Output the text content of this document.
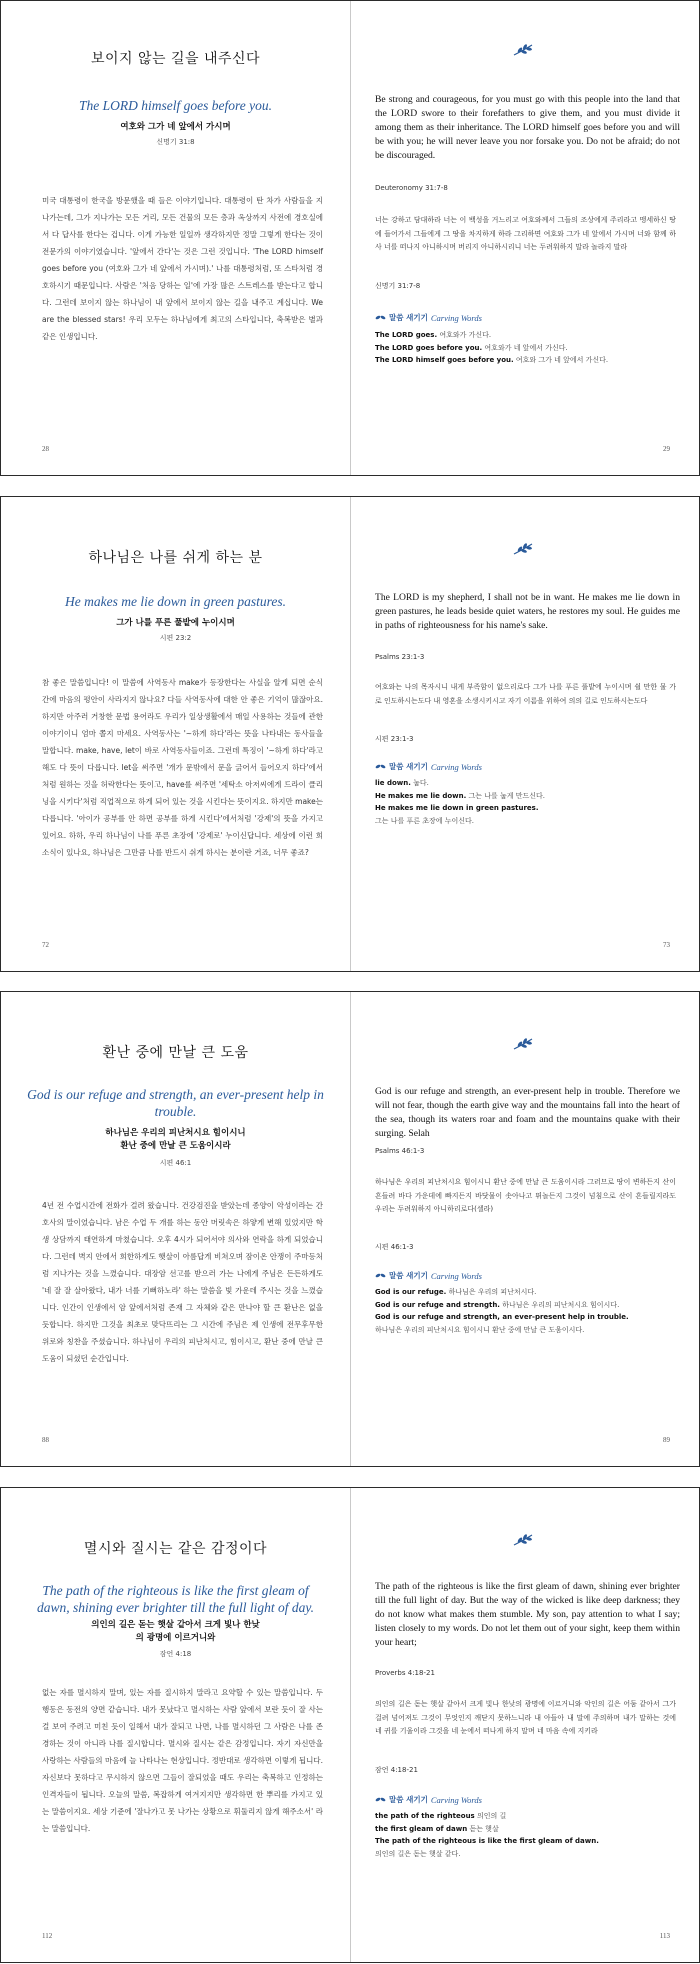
보이지 않는 길을 내주신다
The LORD himself goes before you.
여호와 그가 네 앞에서 가시며
신명기 31:8
미국 대통령이 한국을 방문했을 때 들은 이야기입니다. 대통령이 탄 차가 사람들을 지나가는데, 그가 지나가는 모든 거리, 모든 건물의 모든 층과 옥상까지 사전에 경호실에서 다 답사를 한다는 겁니다. 이게 가능한 일일까 생각하지만 정말 그렇게 한다는 것이 전문가의 이야기였습니다. '앞에서 간다'는 것은 그런 것입니다. 'The LORD himself goes before you (여호와 그가 네 앞에서 가시며).' 나를 대통령처럼, 또 스타처럼 경호하시기 때문입니다. 사람은 '처음 당하는 일'에 가장 많은 스트레스를 받는다고 합니다. 그런데 보이지 않는 하나님이 내 앞에서 보이지 않는 길을 내주고 계십니다. We are the blessed stars! 우리 모두는 하나님에게 최고의 스타입니다, 축복받은 별과 같은 인생입니다.
28
Be strong and courageous, for you must go with this people into the land that the LORD swore to their forefathers to give them, and you must divide it among them as their inheritance. The LORD himself goes before you and will be with you; he will never leave you nor forsake you. Do not be afraid; do not be discouraged.
Deuteronomy 31:7-8
너는 강하고 담대하라 너는 이 백성을 거느리고 여호와께서 그들의 조상에게 주리라고 맹세하신 땅에 들어가서 그들에게 그 땅을 차지하게 하라 그리하면 여호와 그가 네 앞에서 가시며 너와 함께 하사 너를 떠나지 아니하시며 버리지 아니하시리니 너는 두려워하지 말라 놀라지 말라
신명기 31:7-8
말씀 새기기 Carving Words
The LORD goes. 여호와가 가신다.
The LORD goes before you. 여호와가 네 앞에서 가신다.
The LORD himself goes before you. 여호와 그가 네 앞에서 가신다.
29
하나님은 나를 쉬게 하는 분
He makes me lie down in green pastures.
그가 나를 푸른 풀밭에 누이시며
시편 23:2
참 좋은 말씀입니다! 이 말씀에 사역동사 make가 등장한다는 사실을 알게 되면 순식간에 마음의 평안이 사라지지 않나요? 다들 사역동사에 대한 안 좋은 기억이 많잖아요. 하지만 아주러 거창한 문법 용어라도 우리가 일상생활에서 매일 사용하는 것들에 관한 이야기이니 엄마 쫄지 마세요. 사역동사는 '~하게 하다'라는 뜻을 나타내는 동사들을 말합니다. make, have, let이 바로 사역동사들이죠. 그런데 특징이 '~하게 하다'라고 해도 다 뜻이 다릅니다. let을 써주면 '개가 문밖에서 문을 긁어서 들어오지 하다'에서처럼 원하는 것을 허락한다는 뜻이고, have를 써주면 '세탁소 아저씨에게 드라이 클리닝을 시키다'처럼 직업적으로 하게 되어 있는 것을 시킨다는 뜻이지요. 하지만 make는 다릅니다. '아이가 공부를 안 하면 공부를 하게 시킨다'에서처럼 '강제'의 뜻을 가지고 있어요. 하하, 우리 하나님이 나를 푸른 초장에 '강제로' 누이신답니다. 세상에 이런 희소식이 있나요, 하나님은 그만큼 나를 반드시 쉬게 하시는 분이란 거죠, 너무 좋죠?
72
The LORD is my shepherd, I shall not be in want. He makes me lie down in green pastures, he leads beside quiet waters, he restores my soul. He guides me in paths of righteousness for his name's sake.
Psalms 23:1-3
여호와는 나의 목자시니 내게 부족함이 없으리로다 그가 나를 푸른 풀밭에 누이시며 쉴 만한 물 가로 인도하시는도다 내 영혼을 소생시키시고 자기 이름을 위하여 의의 길로 인도하시는도다
시편 23:1-3
말씀 새기기 Carving Words
lie down. 눕다.
He makes me lie down. 그는 나를 눕게 만드신다.
He makes me lie down in green pastures.
그는 나를 푸른 초장에 누이신다.
73
환난 중에 만날 큰 도움
God is our refuge and strength, an ever-present help in trouble.
하나님은 우리의 피난처시요 힘이시니 환난 중에 만날 큰 도움이시라
시편 46:1
4년 전 수업시간에 전화가 걸려 왔습니다. 건강검진을 받았는데 종양이 악성이라는 간호사의 말이었습니다. 남은 수업 두 개를 하는 동안 머릿속은 하얗게 변해 있었지만 학생 상담까지 태연하게 마쳤습니다. 오후 4시가 되어서야 의사와 연락을 하게 되었습니다. 그런데 벽지 안에서 희한하게도 햇살이 아름답게 비쳐오며 잠이온 안쟁이 주마등처럼 지나가는 것을 느꼈습니다. 대장암 선고를 받으러 가는 나에게 주님은 든든하게도 '네 잘 잘 살아왔다, 내가 너를 기뻐하노라' 하는 말씀을 빛 가운데 주시는 것을 느꼈습니다. 인간이 인생에서 암 앞에서처럼 존재 그 자체와 같은 만나야 할 큰 환난은 없을 듯합니다. 하지만 그것을 최초로 맞닥뜨리는 그 시간에 주님은 제 인생에 전무후무한 위로와 칭찬을 주셨습니다. 하나님이 우리의 피난처시고, 힘이시고, 환난 중에 만날 큰 도움이 되셨던 순간입니다.
88
God is our refuge and strength, an ever-present help in trouble. Therefore we will not fear, though the earth give way and the mountains fall into the heart of the sea, though its waters roar and foam and the mountains quake with their surging. Selah
Psalms 46:1-3
하나님은 우리의 피난처시요 힘이시니 환난 중에 만날 큰 도움이시라 그러므로 땅이 변하든지 산이 흔들려 바다 가운데에 빠지든지 바닷물이 솟아나고 뛰놀든지 그것이 넘침으로 산이 흔들릴지라도 우리는 두려워하지 아니하리로다(셀라)
시편 46:1-3
말씀 새기기 Carving Words
God is our refuge. 하나님은 우리의 피난처시다.
God is our refuge and strength. 하나님은 우리의 피난처시요 힘이시다.
God is our refuge and strength, an ever-present help in trouble.
하나님은 우리의 피난처시요 힘이시니 환난 중에 만날 큰 도움이시다.
89
멸시와 질시는 같은 감정이다
The path of the righteous is like the first gleam of dawn, shining ever brighter till the full light of day.
의인의 길은 돋는 햇살 같아서 크게 빛나 한낮의 광명에 이르거니와
잠언 4:18
없는 자를 멸시하지 말며, 있는 자를 질시하지 말라고 요약할 수 있는 말씀입니다. 두 행동은 동전의 양면 같습니다. 내가 못났다고 멸시하는 사람 앞에서 보란 듯이 잘 사는 걸 보여 주려고 미친 듯이 일해서 내가 잘되고 나면, 나를 멸시하던 그 사람은 나를 존경하는 것이 아니라 나를 질시합니다. 멸시와 질시는 같은 감정입니다. 자기 자신만을 사랑하는 사람들의 마음에 늘 나타나는 현상입니다. 정반대로 생각하면 이렇게 됩니다. 자신보다 못하다고 무시하지 않으면 그들이 잘되었을 때도 우리는 축복하고 인정하는 인격자들이 됩니다. 오늘의 말씀, 복잡하게 여겨지지만 생각하면 한 뿌리를 가지고 있는 말씀이지요. 세상 기준에 '잘나가고 못 나가는 상황으로 휘둘리지 않게 해주소서' 라는 말씀입니다.
112
The path of the righteous is like the first gleam of dawn, shining ever brighter till the full light of day. But the way of the wicked is like deep darkness; they do not know what makes them stumble. My son, pay attention to what I say; listen closely to my words. Do not let them out of your sight, keep them within your heart;
Proverbs 4:18-21
의인의 길은 돋는 햇살 같아서 크게 빛나 한낮의 광명에 이르거니와 악인의 길은 어둠 같아서 그가 걸려 넘어져도 그것이 무엇인지 깨닫지 못하느니라 내 아들아 내 말에 주의하며 내가 말하는 것에 네 귀를 기울이라 그것을 네 눈에서 떠나게 하지 말며 네 마음 속에 지키라
잠언 4:18-21
말씀 새기기 Carving Words
the path of the righteous 의인의 길
the first gleam of dawn 돋는 햇살
The path of the righteous is like the first gleam of dawn.
의인의 길은 돋는 햇살 같다.
113
